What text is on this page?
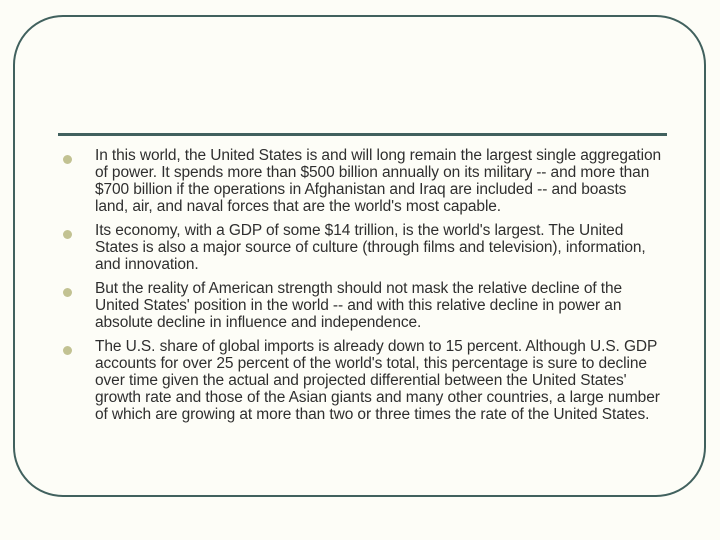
In this world, the United States is and will long remain the largest single aggregation of power. It spends more than $500 billion annually on its military -- and more than $700 billion if the operations in Afghanistan and Iraq are included -- and boasts land, air, and naval forces that are the world's most capable.
Its economy, with a GDP of some $14 trillion, is the world's largest. The United States is also a major source of culture (through films and television), information, and innovation.
But the reality of American strength should not mask the relative decline of the United States' position in the world -- and with this relative decline in power an absolute decline in influence and independence.
The U.S. share of global imports is already down to 15 percent. Although U.S. GDP accounts for over 25 percent of the world's total, this percentage is sure to decline over time given the actual and projected differential between the United States' growth rate and those of the Asian giants and many other countries, a large number of which are growing at more than two or three times the rate of the United States.
